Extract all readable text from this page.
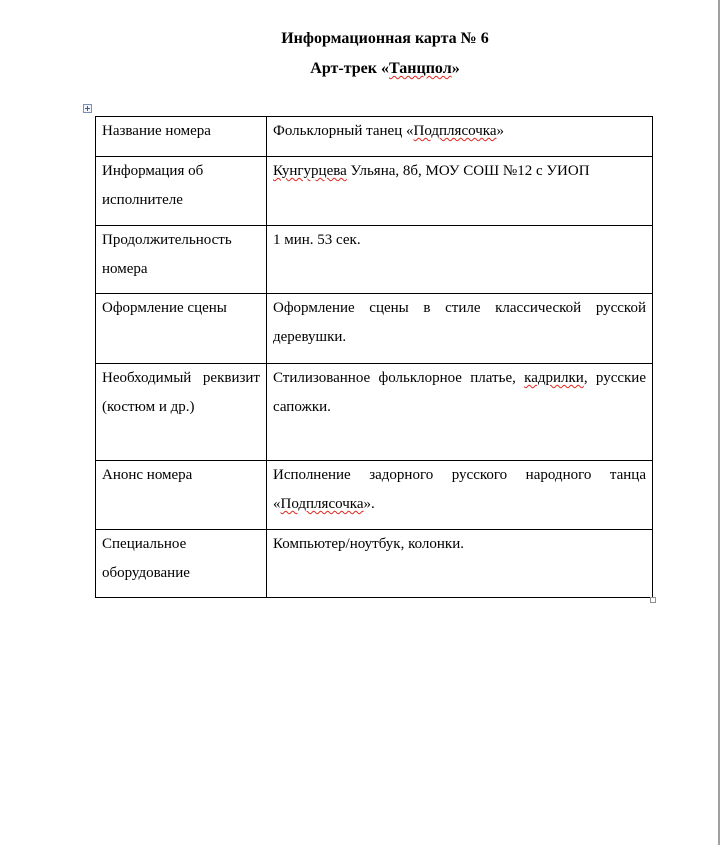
Информационная карта № 6
Арт-трек «Танцпол»
Название номера	Фольклорный танец «Подплясочка»
Информация об исполнителе	Кунгурцева Ульяна, 8б, МОУ СОШ №12 с УИОП
Продолжительность номера	1 мин. 53 сек.
Оформление сцены	Оформление сцены в стиле классической русской деревушки.
Необходимый реквизит (костюм и др.)	Стилизованное фольклорное платье, кадрилки, русские сапожки.
Анонс номера	Исполнение задорного русского народного танца «Подплясочка».
Специальное оборудование	Компьютер/ноутбук, колонки.
